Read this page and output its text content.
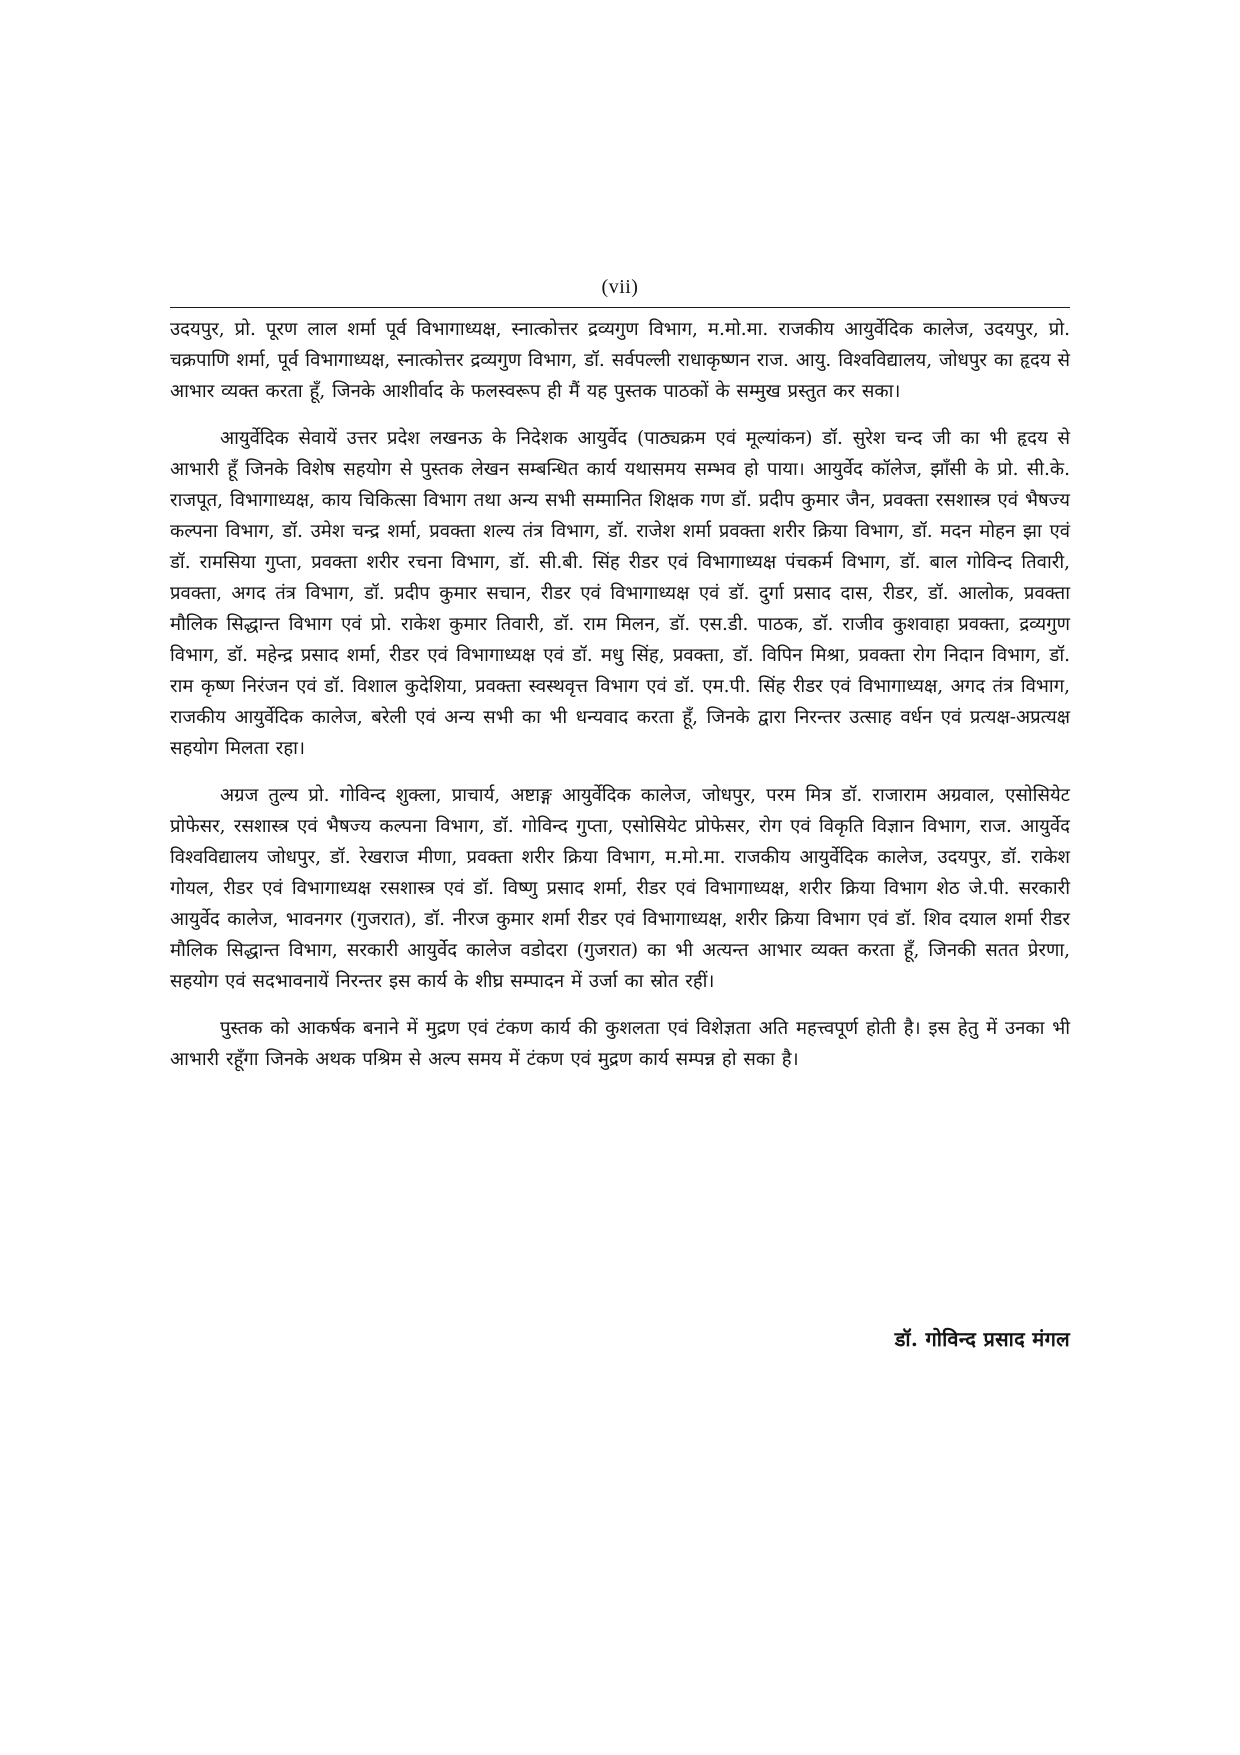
(vii)

उदयपुर, प्रो. पूरण लाल शर्मा पूर्व विभागाध्यक्ष, स्नात्कोत्तर द्रव्यगुण विभाग, म.मो.मा. राजकीय आयुर्वेदिक कालेज, उदयपुर, प्रो. चक्रपाणि शर्मा, पूर्व विभागाध्यक्ष, स्नात्कोत्तर द्रव्यगुण विभाग, डॉ. सर्वपल्ली राधाकृष्णन राज. आयु. विश्वविद्यालय, जोधपुर का हृदय से आभार व्यक्त करता हूँ, जिनके आशीर्वाद के फलस्वरूप ही मैं यह पुस्तक पाठकों के सम्मुख प्रस्तुत कर सका।

आयुर्वेदिक सेवायें उत्तर प्रदेश लखनऊ के निदेशक आयुर्वेद (पाठ्यक्रम एवं मूल्यांकन) डॉ. सुरेश चन्द जी का भी हृदय से आभारी हूँ जिनके विशेष सहयोग से पुस्तक लेखन सम्बन्धित कार्य यथासमय सम्भव हो पाया। आयुर्वेद कॉलेज, झाँसी के प्रो. सी.के. राजपूत, विभागाध्यक्ष, काय चिकित्सा विभाग तथा अन्य सभी सम्मानित शिक्षक गण डॉ. प्रदीप कुमार जैन, प्रवक्ता रसशास्त्र एवं भैषज्य कल्पना विभाग, डॉ. उमेश चन्द्र शर्मा, प्रवक्ता शल्य तंत्र विभाग, डॉ. राजेश शर्मा प्रवक्ता शरीर क्रिया विभाग, डॉ. मदन मोहन झा एवं डॉ. रामसिया गुप्ता, प्रवक्ता शरीर रचना विभाग, डॉ. सी.बी. सिंह रीडर एवं विभागाध्यक्ष पंचकर्म विभाग, डॉ. बाल गोविन्द तिवारी, प्रवक्ता, अगद तंत्र विभाग, डॉ. प्रदीप कुमार सचान, रीडर एवं विभागाध्यक्ष एवं डॉ. दुर्गा प्रसाद दास, रीडर, डॉ. आलोक, प्रवक्ता मौलिक सिद्धान्त विभाग एवं प्रो. राकेश कुमार तिवारी, डॉ. राम मिलन, डॉ. एस.डी. पाठक, डॉ. राजीव कुशवाहा प्रवक्ता, द्रव्यगुण विभाग, डॉ. महेन्द्र प्रसाद शर्मा, रीडर एवं विभागाध्यक्ष एवं डॉ. मधु सिंह, प्रवक्ता, डॉ. विपिन मिश्रा, प्रवक्ता रोग निदान विभाग, डॉ. राम कृष्ण निरंजन एवं डॉ. विशाल कुदेशिया, प्रवक्ता स्वस्थवृत्त विभाग एवं डॉ. एम.पी. सिंह रीडर एवं विभागाध्यक्ष, अगद तंत्र विभाग, राजकीय आयुर्वेदिक कालेज, बरेली एवं अन्य सभी का भी धन्यवाद करता हूँ, जिनके द्वारा निरन्तर उत्साह वर्धन एवं प्रत्यक्ष-अप्रत्यक्ष सहयोग मिलता रहा।

अग्रज तुल्य प्रो. गोविन्द शुक्ला, प्राचार्य, अष्टाङ्ग आयुर्वेदिक कालेज, जोधपुर, परम मित्र डॉ. राजाराम अग्रवाल, एसोसियेट प्रोफेसर, रसशास्त्र एवं भैषज्य कल्पना विभाग, डॉ. गोविन्द गुप्ता, एसोसियेट प्रोफेसर, रोग एवं विकृति विज्ञान विभाग, राज. आयुर्वेद विश्वविद्यालय जोधपुर, डॉ. रेखराज मीणा, प्रवक्ता शरीर क्रिया विभाग, म.मो.मा. राजकीय आयुर्वेदिक कालेज, उदयपुर, डॉ. राकेश गोयल, रीडर एवं विभागाध्यक्ष रसशास्त्र एवं डॉ. विष्णु प्रसाद शर्मा, रीडर एवं विभागाध्यक्ष, शरीर क्रिया विभाग शेठ जे.पी. सरकारी आयुर्वेद कालेज, भावनगर (गुजरात), डॉ. नीरज कुमार शर्मा रीडर एवं विभागाध्यक्ष, शरीर क्रिया विभाग एवं डॉ. शिव दयाल शर्मा रीडर मौलिक सिद्धान्त विभाग, सरकारी आयुर्वेद कालेज वडोदरा (गुजरात) का भी अत्यन्त आभार व्यक्त करता हूँ, जिनकी सतत प्रेरणा, सहयोग एवं सदभावनायें निरन्तर इस कार्य के शीघ्र सम्पादन में उर्जा का स्रोत रहीं।

पुस्तक को आकर्षक बनाने में मुद्रण एवं टंकण कार्य की कुशलता एवं विशेज्ञता अति महत्त्वपूर्ण होती है। इस हेतु में उनका भी आभारी रहूँगा जिनके अथक पश्रिम से अल्प समय में टंकण एवं मुद्रण कार्य सम्पन्न हो सका है।

डॉ. गोविन्द प्रसाद मंगल
